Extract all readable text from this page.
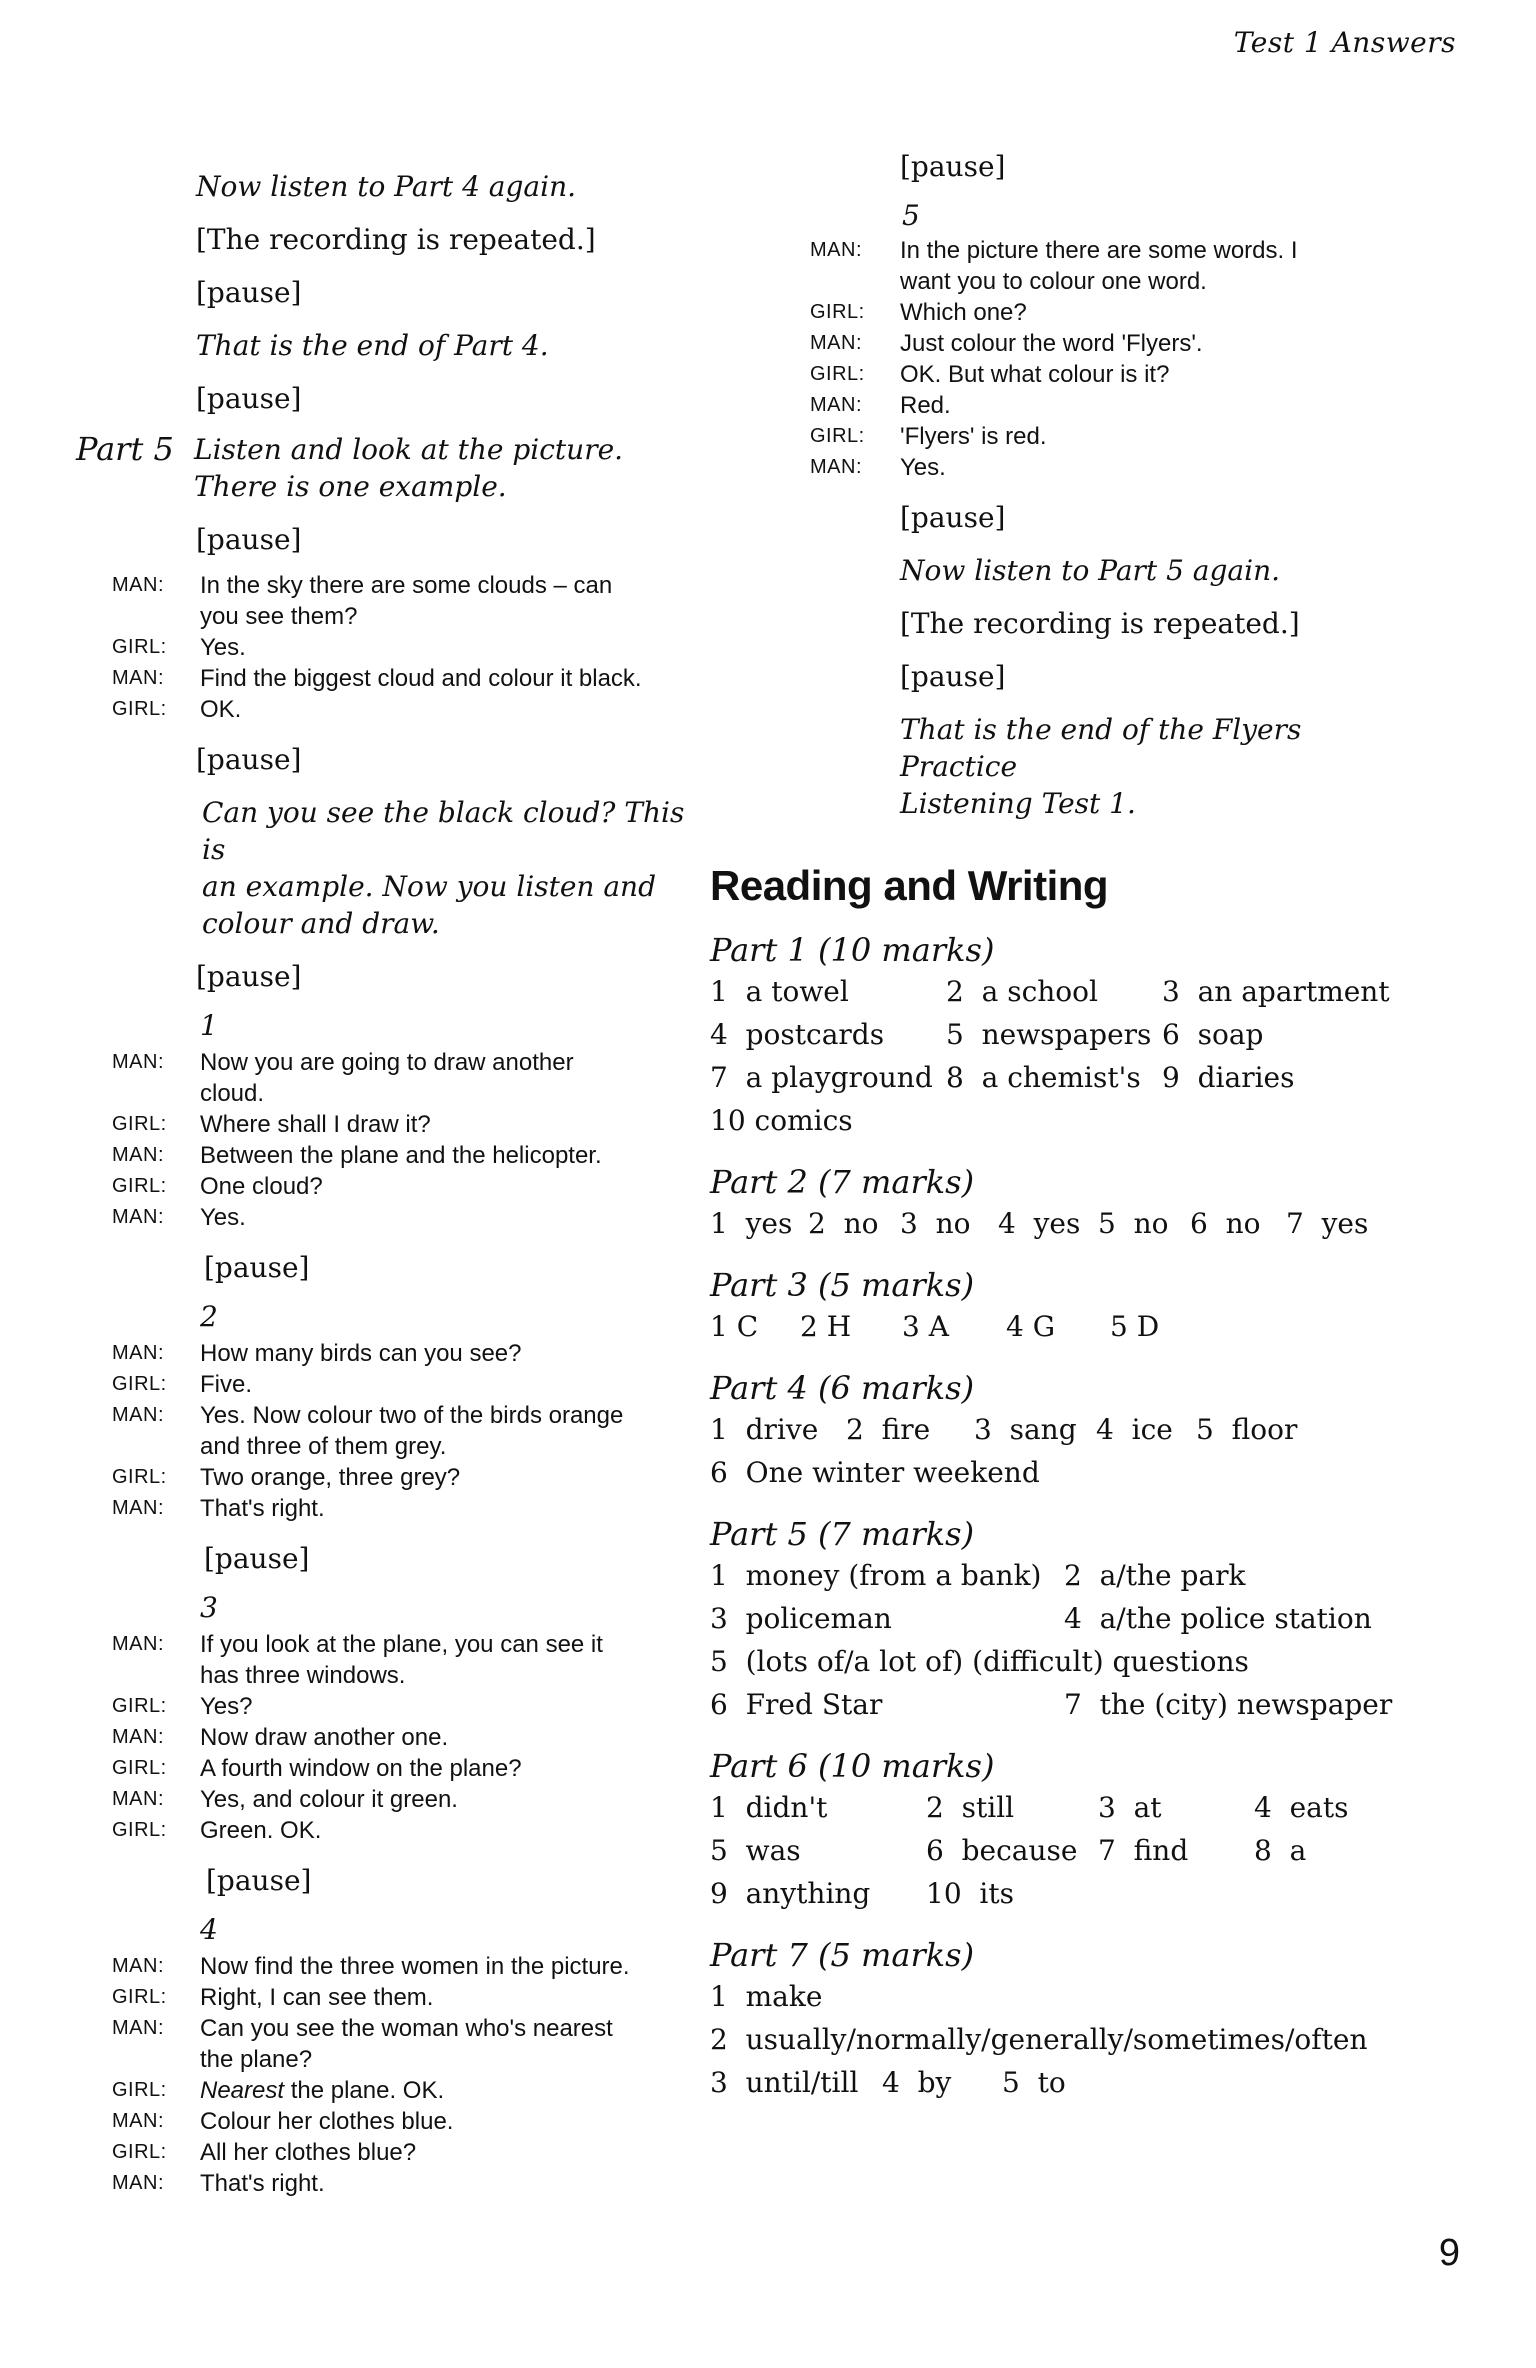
Test 1 Answers
Now listen to Part 4 again.
[The recording is repeated.]
[pause]
That is the end of Part 4.
[pause]
Part 5 Listen and look at the picture.
There is one example.
[pause]
MAN:	In the sky there are some clouds – can
you see them?
GIRL:	Yes.
MAN:	Find the biggest cloud and colour it black.
GIRL:	OK.
[pause]
Can you see the black cloud? This is
an example. Now you listen and
colour and draw.
[pause]
1
MAN:	Now you are going to draw another
cloud.
GIRL:	Where shall I draw it?
MAN:	Between the plane and the helicopter.
GIRL:	One cloud?
MAN:	Yes.
[pause]
2
MAN:	How many birds can you see?
GIRL:	Five.
MAN:	Yes. Now colour two of the birds orange
and three of them grey.
GIRL:	Two orange, three grey?
MAN:	That's right.
[pause]
3
MAN:	If you look at the plane, you can see it
has three windows.
GIRL:	Yes?
MAN:	Now draw another one.
GIRL:	A fourth window on the plane?
MAN:	Yes, and colour it green.
GIRL:	Green. OK.
[pause]
4
MAN:	Now find the three women in the picture.
GIRL:	Right, I can see them.
MAN:	Can you see the woman who's nearest
the plane?
GIRL:	Nearest the plane. OK.
MAN:	Colour her clothes blue.
GIRL:	All her clothes blue?
MAN:	That's right.
[pause]
5
MAN:	In the picture there are some words. I
want you to colour one word.
GIRL:	Which one?
MAN:	Just colour the word 'Flyers'.
GIRL:	OK. But what colour is it?
MAN:	Red.
GIRL:	'Flyers' is red.
MAN:	Yes.
[pause]
Now listen to Part 5 again.
[The recording is repeated.]
[pause]
That is the end of the Flyers Practice
Listening Test 1.
Reading and Writing
Part 1 (10 marks)
1  a towel	2  a school 3  an apartment
4  postcards 5  newspapers 6  soap
7  a playground 8  a chemist's 9  diaries
10 comics
Part 2 (7 marks)
1  yes 2  no 3  no 4  yes 5  no 6  no 7  yes
Part 3 (5 marks)
1 C 2 H 3 A 4 G 5 D
Part 4 (6 marks)
1  drive 2  fire 3  sang 4  ice 5  floor
6  One winter weekend
Part 5 (7 marks)
1  money (from a bank) 2  a/the park
3  policeman	4  a/the police station
5  (lots of/a lot of) (difficult) questions
6  Fred Star	7  the (city) newspaper
Part 6 (10 marks)
1  didn't	2  still	3  at	4  eats
5  was	6  because 7  find 8  a
9  anything 10  its
Part 7 (5 marks)
1  make
2  usually/normally/generally/sometimes/often
3  until/till 4  by 5  to
9
